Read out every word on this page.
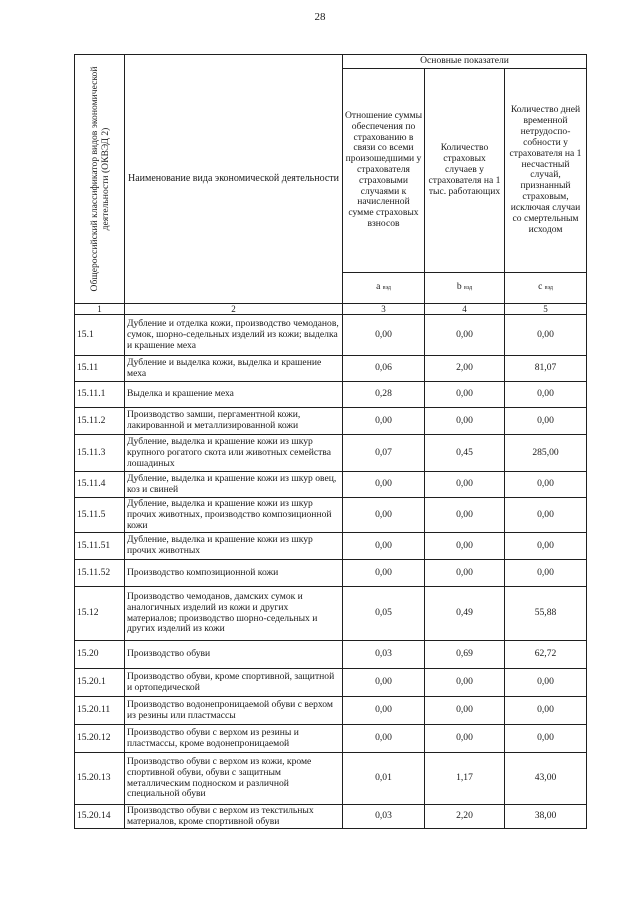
28
Общероссийский классификатор видов экономической деятельности (ОКВЭД 2)	Наименование вида экономической деятельности	Основные показатели		
		Отношение суммы обеспечения по страхованию в связи со всеми произошедшими у страхователя страховыми случаями к начисленной сумме страховых взносов	Количество страховых случаев у страхователя на 1 тыс. работающих	Количество дней временной нетрудоспо-собности у страхователя на 1 несчастный случай, признанный страховым, исключая случаи со смертельным исходом
		а вэд	b вэд	c вэд
1	2	3	4	5
15.1	Дубление и отделка кожи, производство чемоданов, сумок, шорно-седельных изделий из кожи; выделка и крашение меха	0,00	0,00	0,00
15.11	Дубление и выделка кожи, выделка и крашение меха	0,06	2,00	81,07
15.11.1	Выделка и крашение меха	0,28	0,00	0,00
15.11.2	Производство замши, пергаментной кожи, лакированной и металлизированной кожи	0,00	0,00	0,00
15.11.3	Дубление, выделка и крашение кожи из шкур крупного рогатого скота или животных семейства лошадиных	0,07	0,45	285,00
15.11.4	Дубление, выделка и крашение кожи из шкур овец, коз и свиней	0,00	0,00	0,00
15.11.5	Дубление, выделка и крашение кожи из шкур прочих животных, производство композиционной кожи	0,00	0,00	0,00
15.11.51	Дубление, выделка и крашение кожи из шкур прочих животных	0,00	0,00	0,00
15.11.52	Производство композиционной кожи	0,00	0,00	0,00
15.12	Производство чемоданов, дамских сумок и аналогичных изделий из кожи и других материалов; производство шорно-седельных и других изделий из кожи	0,05	0,49	55,88
15.20	Производство обуви	0,03	0,69	62,72
15.20.1	Производство обуви, кроме спортивной, защитной и ортопедической	0,00	0,00	0,00
15.20.11	Производство водонепроницаемой обуви с верхом из резины или пластмассы	0,00	0,00	0,00
15.20.12	Производство обуви с верхом из резины и пластмассы, кроме водонепроницаемой	0,00	0,00	0,00
15.20.13	Производство обуви с верхом из кожи, кроме спортивной обуви, обуви с защитным металлическим подноском и различной специальной обуви	0,01	1,17	43,00
15.20.14	Производство обуви с верхом из текстильных материалов, кроме спортивной обуви	0,03	2,20	38,00
